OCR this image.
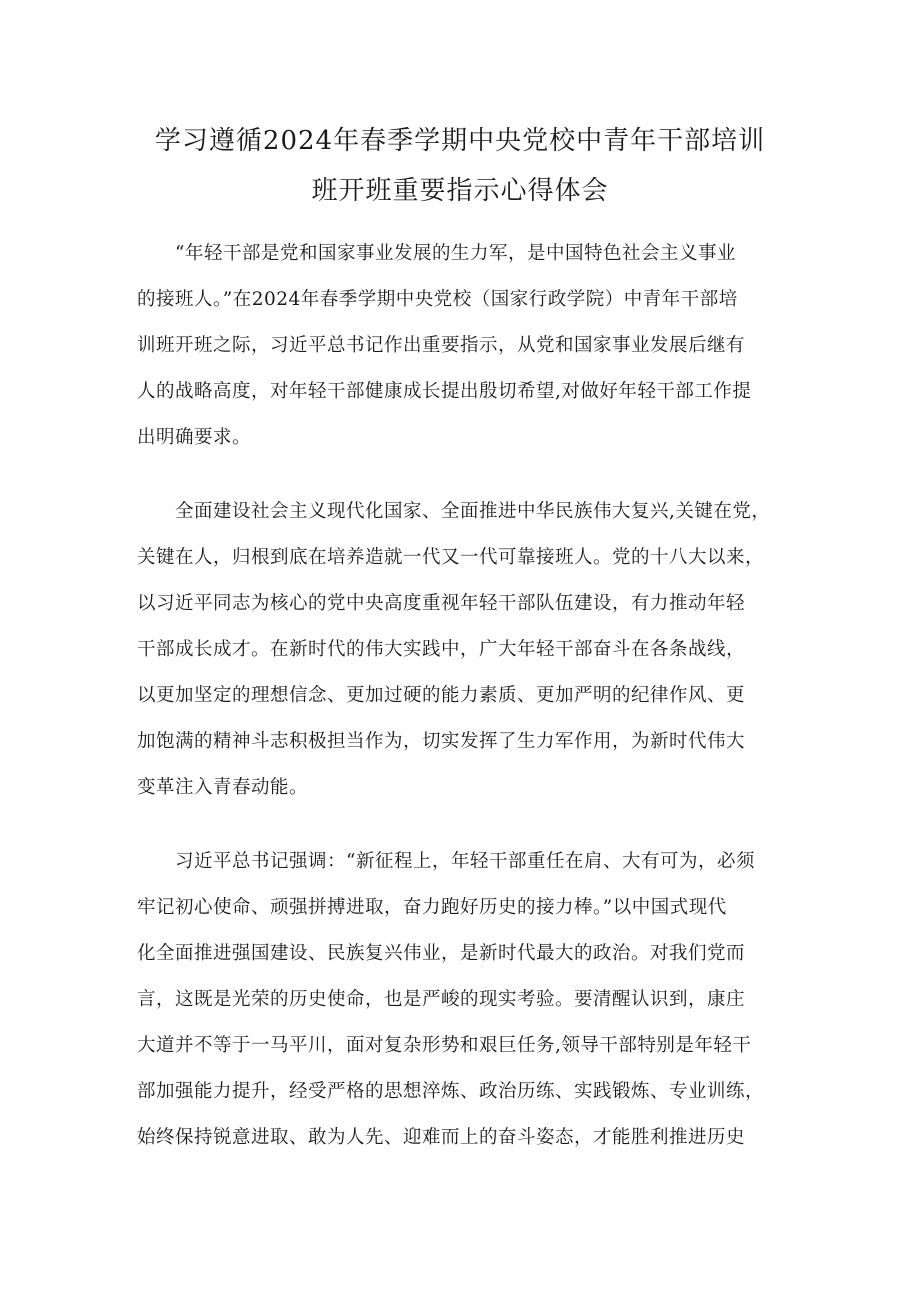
学习遵循2024年春季学期中央党校中青年干部培训
班开班重要指示心得体会

“年轻干部是党和国家事业发展的生力军，是中国特色社会主义事业

的接班人。”在2024年春季学期中央党校（国家行政学院）中青年干部培

训班开班之际，习近平总书记作出重要指示，从党和国家事业发展后继有

人的战略高度，对年轻干部健康成长提出殷切希望,对做好年轻干部工作提

出明确要求。

全面建设社会主义现代化国家、全面推进中华民族伟大复兴,关键在党，

关键在人，归根到底在培养造就一代又一代可靠接班人。党的十八大以来，

以习近平同志为核心的党中央高度重视年轻干部队伍建设，有力推动年轻

干部成长成才。在新时代的伟大实践中，广大年轻干部奋斗在各条战线，

以更加坚定的理想信念、更加过硬的能力素质、更加严明的纪律作风、更

加饱满的精神斗志积极担当作为，切实发挥了生力军作用，为新时代伟大

变革注入青春动能。

习近平总书记强调：“新征程上，年轻干部重任在肩、大有可为，必须

牢记初心使命、顽强拼搏进取，奋力跑好历史的接力棒。”以中国式现代

化全面推进强国建设、民族复兴伟业，是新时代最大的政治。对我们党而

言，这既是光荣的历史使命，也是严峻的现实考验。要清醒认识到，康庄

大道并不等于一马平川，面对复杂形势和艰巨任务,领导干部特别是年轻干

部加强能力提升，经受严格的思想淬炼、政治历练、实践锻炼、专业训练，

始终保持锐意进取、敢为人先、迎难而上的奋斗姿态，才能胜利推进历史
